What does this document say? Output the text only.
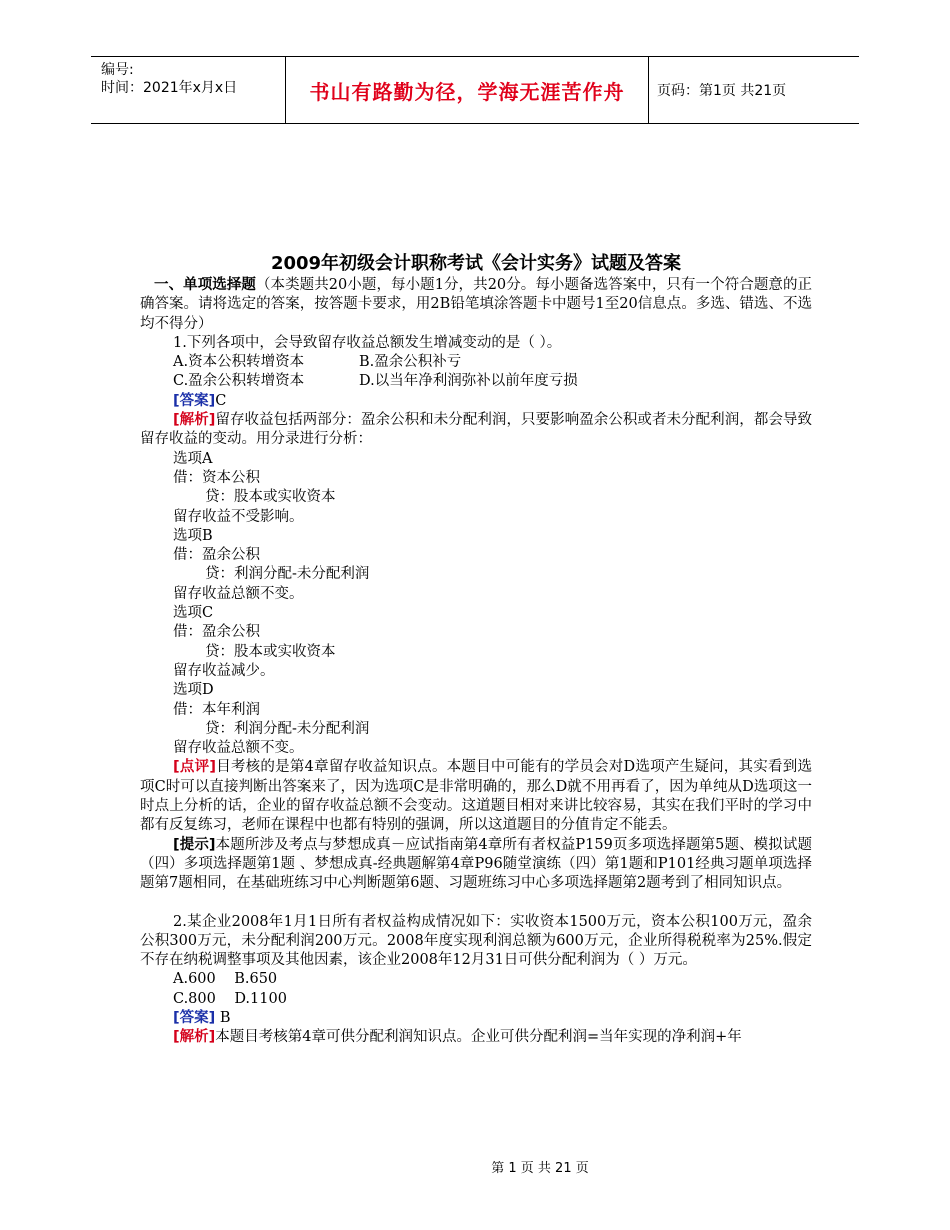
编号:
时间：2021年x月x日	书山有路勤为径，学海无涯苦作舟	页码：第1页 共21页
2009年初级会计职称考试《会计实务》试题及答案

一、单项选择题（本类题共20小题，每小题1分，共20分。每小题备选答案中，只有一个符合题意的正确答案。请将选定的答案，按答题卡要求，用2B铅笔填涂答题卡中题号1至20信息点。多选、错选、不选均不得分）

1.下列各项中，会导致留存收益总额发生增减变动的是（ ）。

A.资本公积转增资本	B.盈余公积补亏

C.盈余公积转增资本	D.以当年净利润弥补以前年度亏损

[答案]C

[解析]留存收益包括两部分：盈余公积和未分配利润，只要影响盈余公积或者未分配利润，都会导致留存收益的变动。用分录进行分析：

选项A

借：资本公积

贷：股本或实收资本

留存收益不受影响。

选项B

借：盈余公积

贷：利润分配-未分配利润

留存收益总额不变。

选项C

借：盈余公积

贷：股本或实收资本

留存收益减少。

选项D

借：本年利润

贷：利润分配-未分配利润

留存收益总额不变。

[点评]目考核的是第4章留存收益知识点。本题目中可能有的学员会对D选项产生疑问，其实看到选项C时可以直接判断出答案来了，因为选项C是非常明确的，那么D就不用再看了，因为单纯从D选项这一时点上分析的话，企业的留存收益总额不会变动。这道题目相对来讲比较容易，其实在我们平时的学习中都有反复练习，老师在课程中也都有特别的强调，所以这道题目的分值肯定不能丢。

[提示]本题所涉及考点与梦想成真－应试指南第4章所有者权益P159页多项选择题第5题、模拟试题（四）多项选择题第1题 、梦想成真-经典题解第4章P96随堂演练（四）第1题和P101经典习题单项选择题第7题相同，在基础班练习中心判断题第6题、习题班练习中心多项选择题第2题考到了相同知识点。

2.某企业2008年1月1日所有者权益构成情况如下：实收资本1500万元，资本公积100万元，盈余公积300万元，未分配利润200万元。2008年度实现利润总额为600万元，企业所得税税率为25%.假定不存在纳税调整事项及其他因素，该企业2008年12月31日可供分配利润为（ ）万元。

A.600 B.650

C.800 D.1100

[答案] B

[解析]本题目考核第4章可供分配利润知识点。企业可供分配利润=当年实现的净利润+年

第 1 页 共 21 页
